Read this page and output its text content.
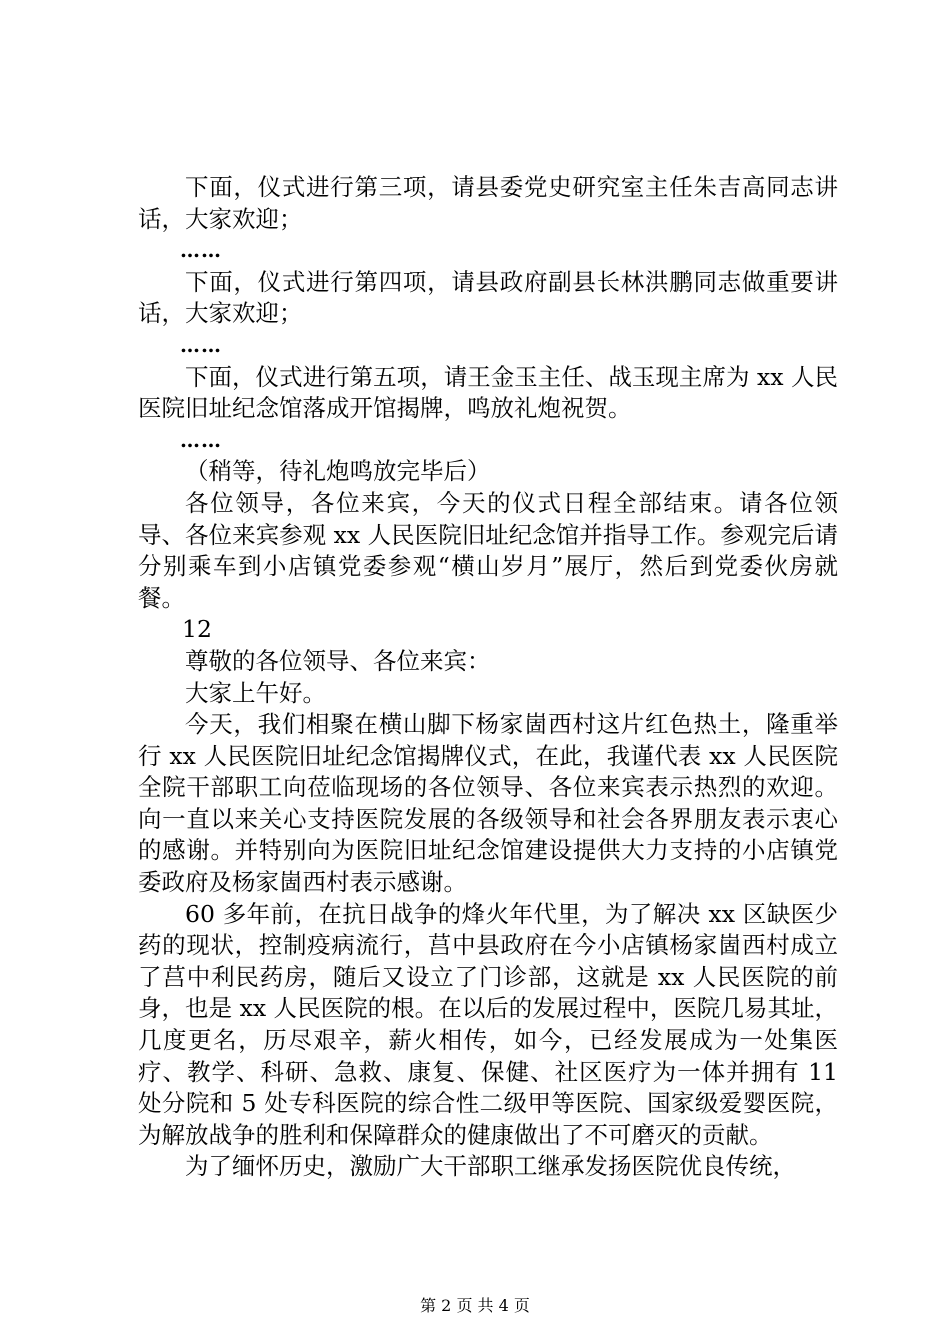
下面，仪式进行第三项，请县委党史研究室主任朱吉高同志讲话，大家欢迎；

……

下面，仪式进行第四项，请县政府副县长林洪鹏同志做重要讲话，大家欢迎；

……

下面，仪式进行第五项，请王金玉主任、战玉现主席为 xx 人民医院旧址纪念馆落成开馆揭牌，鸣放礼炮祝贺。

……

（稍等，待礼炮鸣放完毕后）

各位领导，各位来宾，今天的仪式日程全部结束。请各位领导、各位来宾参观 xx 人民医院旧址纪念馆并指导工作。参观完后请分别乘车到小店镇党委参观“横山岁月”展厅，然后到党委伙房就餐。

12

尊敬的各位领导、各位来宾：

大家上午好。

今天，我们相聚在横山脚下杨家崮西村这片红色热土，隆重举行 xx 人民医院旧址纪念馆揭牌仪式，在此，我谨代表 xx 人民医院全院干部职工向莅临现场的各位领导、各位来宾表示热烈的欢迎。向一直以来关心支持医院发展的各级领导和社会各界朋友表示衷心的感谢。并特别向为医院旧址纪念馆建设提供大力支持的小店镇党委政府及杨家崮西村表示感谢。

60 多年前，在抗日战争的烽火年代里，为了解决 xx 区缺医少药的现状，控制疫病流行，莒中县政府在今小店镇杨家崮西村成立了莒中利民药房，随后又设立了门诊部，这就是 xx 人民医院的前身，也是 xx 人民医院的根。在以后的发展过程中，医院几易其址，几度更名，历尽艰辛，薪火相传，如今，已经发展成为一处集医疗、教学、科研、急救、康复、保健、社区医疗为一体并拥有 11 处分院和 5 处专科医院的综合性二级甲等医院、国家级爱婴医院，为解放战争的胜利和保障群众的健康做出了不可磨灭的贡献。

为了缅怀历史，激励广大干部职工继承发扬医院优良传统，

第 2 页 共 4 页
